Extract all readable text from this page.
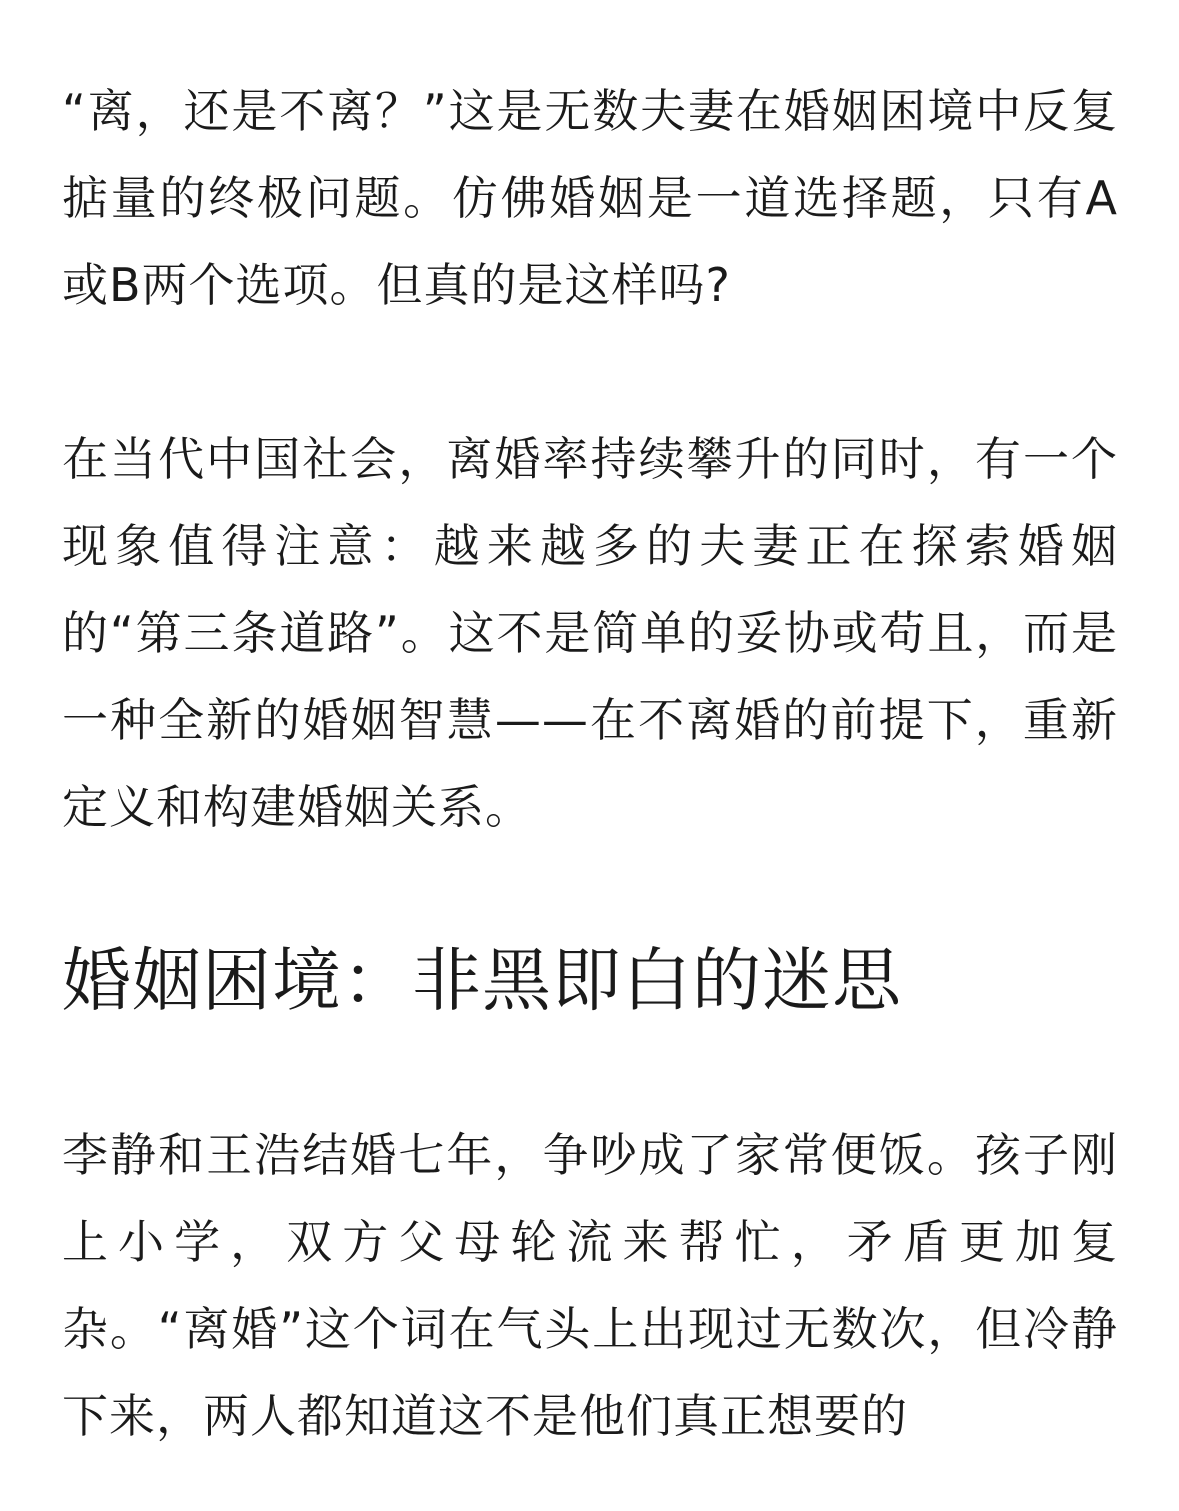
“离，还是不离？”这是无数夫妻在婚姻困境中反复掂量的终极问题。仿佛婚姻是一道选择题，只有A或B两个选项。但真的是这样吗?

在当代中国社会，离婚率持续攀升的同时，有一个现象值得注意：越来越多的夫妻正在探索婚姻的“第三条道路”。这不是简单的妥协或苟且，而是一种全新的婚姻智慧——在不离婚的前提下，重新定义和构建婚姻关系。

婚姻困境：非黑即白的迷思

李静和王浩结婚七年，争吵成了家常便饭。孩子刚上小学，双方父母轮流来帮忙，矛盾更加复杂。“离婚”这个词在气头上出现过无数次，但冷静下来，两人都知道这不是他们真正想要的
